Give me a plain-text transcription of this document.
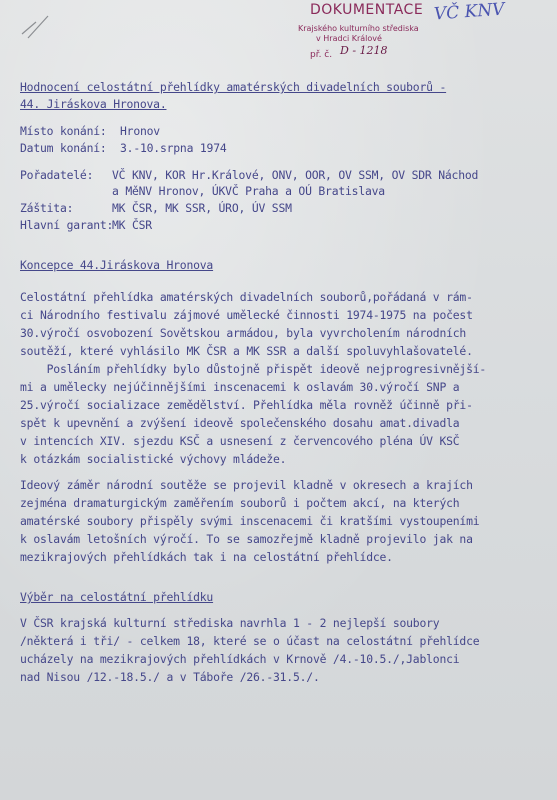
DOKUMENTACE
Krajského kulturního střediska
v Hradci Králové
př. č. D - 1218
VČ KNV
Hodnocení celostátní přehlídky amatérských divadelních souborů -
44. Jiráskova Hronova.
Místo konání: Hronov
Datum konání: 3.-10.srpna 1974
Pořadatelé: VČ KNV, KOR Hr.Králové, ONV, OOR, OV SSM, OV SDR Náchod
a MěNV Hronov, ÚKVČ Praha a OÚ Bratislava
Záštita:	MK ČSR, MK SSR, ÚRO, ÚV SSM
Hlavní garant:MK ČSR
Koncepce 44.Jiráskova Hronova
Celostátní přehlídka amatérských divadelních souborů,pořádaná v rám-
ci Národního festivalu zájmové umělecké činnosti 1974-1975 na počest
30.výročí osvobození Sovětskou armádou, byla vyvrcholením národních
soutěží, které vyhlásilo MK ČSR a MK SSR a další spoluvyhlašovatelé.
Posláním přehlídky bylo důstojně přispět ideově nejprogresivnější-
mi a umělecky nejúčinnějšími inscenacemi k oslavám 30.výročí SNP a
25.výročí socializace zemědělství. Přehlídka měla rovněž účinně při-
spět k upevnění a zvýšení ideově společenského dosahu amat.divadla
v intencích XIV. sjezdu KSČ a usnesení z červencového pléna ÚV KSČ
k otázkám socialistické výchovy mládeže.
Ideový záměr národní soutěže se projevil kladně v okresech a krajích
zejména dramaturgickým zaměřením souborů i počtem akcí, na kterých
amatérské soubory přispěly svými inscenacemi či kratšími vystoupeními
k oslavám letošních výročí. To se samozřejmě kladně projevilo jak na
mezikrajových přehlídkách tak i na celostátní přehlídce.
Výběr na celostátní přehlídku
V ČSR krajská kulturní střediska navrhla 1 - 2 nejlepší soubory
/některá i tři/ - celkem 18, které se o účast na celostátní přehlídce
ucházely na mezikrajových přehlídkách v Krnově /4.-10.5./,Jablonci
nad Nisou /12.-18.5./ a v Táboře /26.-31.5./.
